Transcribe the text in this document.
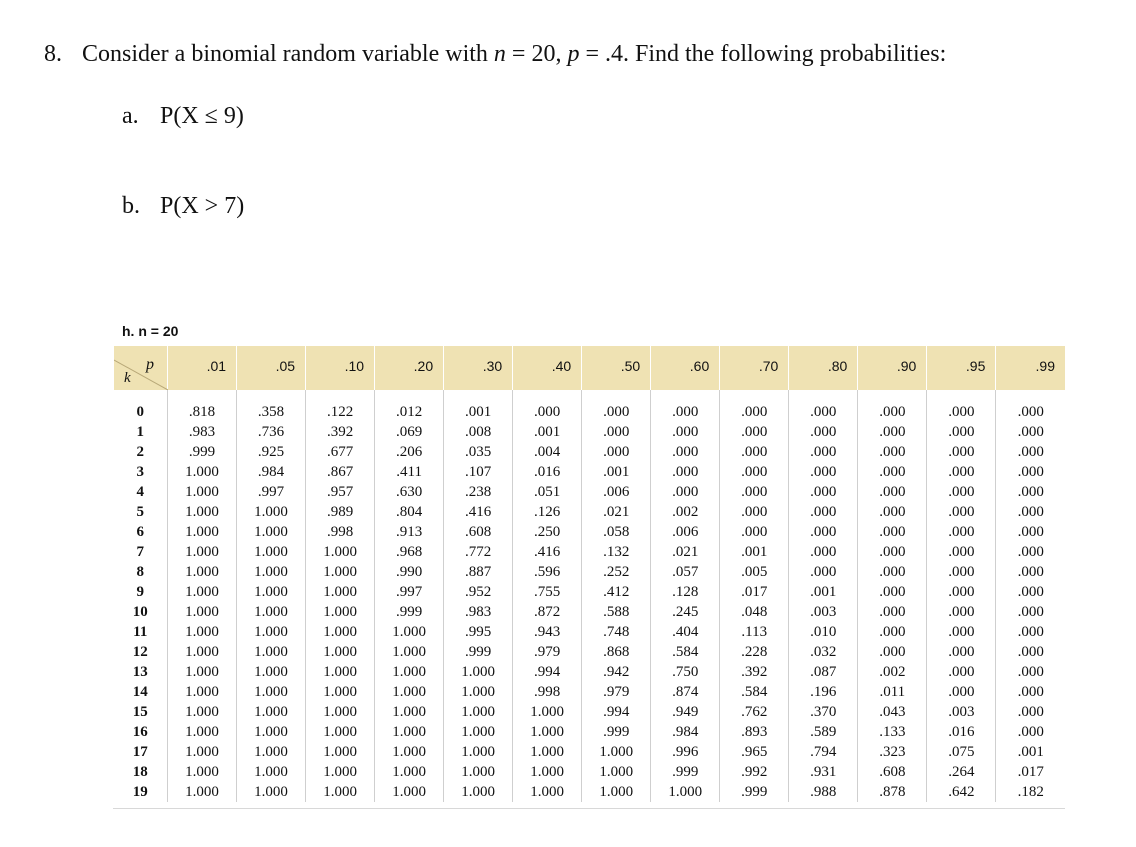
8. Consider a binomial random variable with n = 20, p = .4. Find the following probabilities:
a. P(X ≤ 9)
b. P(X > 7)
h. n = 20
p
k	.01	.05	.10	.20	.30	.40	.50	.60	.70	.80	.90	.95	.99

0	.818	.358	.122	.012	.001	.000	.000	.000	.000	.000	.000	.000	.000
1	.983	.736	.392	.069	.008	.001	.000	.000	.000	.000	.000	.000	.000
2	.999	.925	.677	.206	.035	.004	.000	.000	.000	.000	.000	.000	.000
3	1.000	.984	.867	.411	.107	.016	.001	.000	.000	.000	.000	.000	.000
4	1.000	.997	.957	.630	.238	.051	.006	.000	.000	.000	.000	.000	.000
5	1.000	1.000	.989	.804	.416	.126	.021	.002	.000	.000	.000	.000	.000
6	1.000	1.000	.998	.913	.608	.250	.058	.006	.000	.000	.000	.000	.000
7	1.000	1.000	1.000	.968	.772	.416	.132	.021	.001	.000	.000	.000	.000
8	1.000	1.000	1.000	.990	.887	.596	.252	.057	.005	.000	.000	.000	.000
9	1.000	1.000	1.000	.997	.952	.755	.412	.128	.017	.001	.000	.000	.000
10	1.000	1.000	1.000	.999	.983	.872	.588	.245	.048	.003	.000	.000	.000
11	1.000	1.000	1.000	1.000	.995	.943	.748	.404	.113	.010	.000	.000	.000
12	1.000	1.000	1.000	1.000	.999	.979	.868	.584	.228	.032	.000	.000	.000
13	1.000	1.000	1.000	1.000	1.000	.994	.942	.750	.392	.087	.002	.000	.000
14	1.000	1.000	1.000	1.000	1.000	.998	.979	.874	.584	.196	.011	.000	.000
15	1.000	1.000	1.000	1.000	1.000	1.000	.994	.949	.762	.370	.043	.003	.000
16	1.000	1.000	1.000	1.000	1.000	1.000	.999	.984	.893	.589	.133	.016	.000
17	1.000	1.000	1.000	1.000	1.000	1.000	1.000	.996	.965	.794	.323	.075	.001
18	1.000	1.000	1.000	1.000	1.000	1.000	1.000	.999	.992	.931	.608	.264	.017
19	1.000	1.000	1.000	1.000	1.000	1.000	1.000	1.000	.999	.988	.878	.642	.182
